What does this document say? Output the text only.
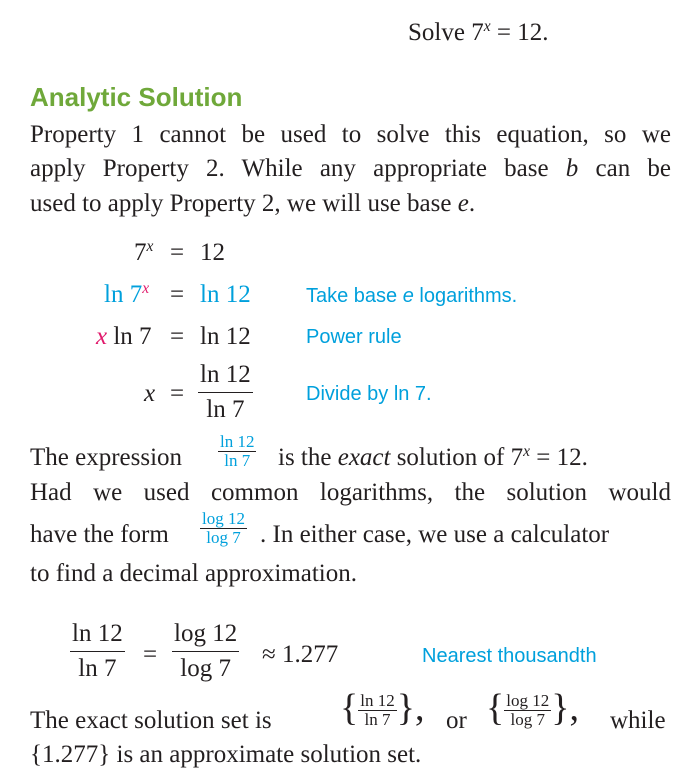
Solve $7^x = 12$.
Analytic Solution
Property 1 cannot be used to solve this equation, so we
apply Property 2. While any appropriate base b can be
used to apply Property 2, we will use base e.
$7^x = 12$
$\ln 7^x = \ln 12$	Take base e logarithms.
x ln 7 = ln 12	Power rule
$x = \frac{\ln 12}{\ln 7}$	Divide by ln 7.
The expression $\frac{\ln 12}{\ln 7}$ is the exact solution of $7^x = 12$.
Had we used common logarithms, the solution would
have the form $\frac{\log 12}{\log 7}$ . In either case, we use a calculator
to find a decimal approximation.
$\frac{\ln 12}{\ln 7} = \frac{\log 12}{\log 7} \approx 1.277$	Nearest thousandth
The exact solution set is { $\frac{\ln 12}{\ln 7}$ }, or { $\frac{\log 12}{\log 7}$ }, while
{1.277} is an approximate solution set.
